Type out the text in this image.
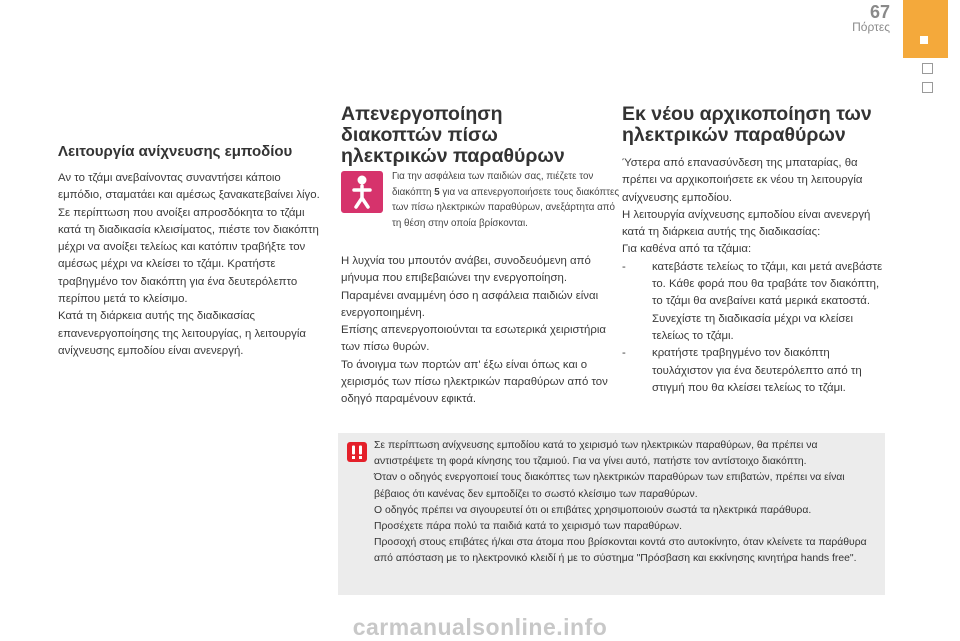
67
Πόρτες
Λειτουργία ανίχνευσης εμποδίου

Αν το τζάμι ανεβαίνοντας συναντήσει κάποιο εμπόδιο, σταματάει και αμέσως ξανακατεβαίνει λίγο.

Σε περίπτωση που ανοίξει απροσδόκητα το τζάμι κατά τη διαδικασία κλεισίματος, πιέστε τον διακόπτη μέχρι να ανοίξει τελείως και κατόπιν τραβήξτε τον αμέσως μέχρι να κλείσει το τζάμι. Κρατήστε τραβηγμένο τον διακόπτη για ένα δευτερόλεπτο περίπου μετά το κλείσιμο.

Κατά τη διάρκεια αυτής της διαδικασίας επανενεργοποίησης της λειτουργίας, η λειτουργία ανίχνευσης εμποδίου είναι ανενεργή.

Απενεργοποίηση διακοπτών πίσω ηλεκτρικών παραθύρων
Για την ασφάλεια των παιδιών σας, πιέζετε τον διακόπτη 5 για να απενεργοποιήσετε τους διακόπτες των πίσω ηλεκτρικών παραθύρων, ανεξάρτητα από τη θέση στην οποία βρίσκονται.

Η λυχνία του μπουτόν ανάβει, συνοδευόμενη από μήνυμα που επιβεβαιώνει την ενεργοποίηση. Παραμένει αναμμένη όσο η ασφάλεια παιδιών είναι ενεργοποιημένη.

Επίσης απενεργοποιούνται τα εσωτερικά χειριστήρια των πίσω θυρών.

Το άνοιγμα των πορτών απ' έξω είναι όπως και ο χειρισμός των πίσω ηλεκτρικών παραθύρων από τον οδηγό παραμένουν εφικτά.

Εκ νέου αρχικοποίηση των ηλεκτρικών παραθύρων

Ύστερα από επανασύνδεση της μπαταρίας, θα πρέπει να αρχικοποιήσετε εκ νέου τη λειτουργία ανίχνευσης εμποδίου.

Η λειτουργία ανίχνευσης εμποδίου είναι ανενεργή κατά τη διάρκεια αυτής της διαδικασίας:

Για καθένα από τα τζάμια:

-	κατεβάστε τελείως το τζάμι, και μετά ανεβάστε το. Κάθε φορά που θα τραβάτε τον διακόπτη, το τζάμι θα ανεβαίνει κατά μερικά εκατοστά. Συνεχίστε τη διαδικασία μέχρι να κλείσει τελείως το τζάμι.
-	κρατήστε τραβηγμένο τον διακόπτη τουλάχιστον για ένα δευτερόλεπτο από τη στιγμή που θα κλείσει τελείως το τζάμι.

Σε περίπτωση ανίχνευσης εμποδίου κατά το χειρισμό των ηλεκτρικών παραθύρων, θα πρέπει να αντιστρέψετε τη φορά κίνησης του τζαμιού. Για να γίνει αυτό, πατήστε τον αντίστοιχο διακόπτη.

Όταν ο οδηγός ενεργοποιεί τους διακόπτες των ηλεκτρικών παραθύρων των επιβατών, πρέπει να είναι βέβαιος ότι κανένας δεν εμποδίζει το σωστό κλείσιμο των παραθύρων.

Ο οδηγός πρέπει να σιγουρευτεί ότι οι επιβάτες χρησιμοποιούν σωστά τα ηλεκτρικά παράθυρα.

Προσέχετε πάρα πολύ τα παιδιά κατά το χειρισμό των παραθύρων.

Προσοχή στους επιβάτες ή/και στα άτομα που βρίσκονται κοντά στο αυτοκίνητο, όταν κλείνετε τα παράθυρα από απόσταση με το ηλεκτρονικό κλειδί ή με το σύστημα "Πρόσβαση και εκκίνησης κινητήρα hands free".

carmanualsonline.info
